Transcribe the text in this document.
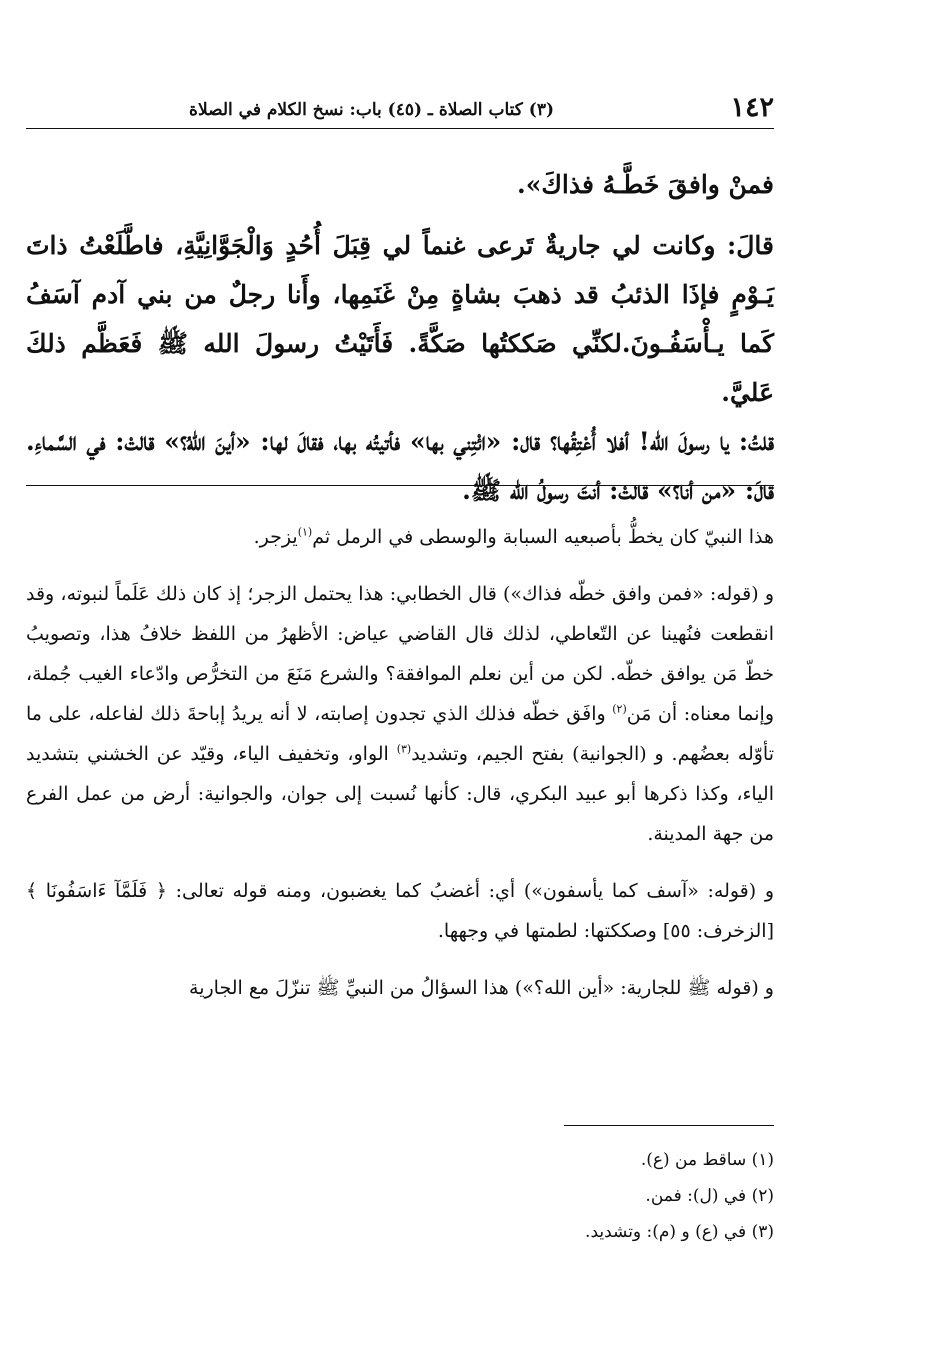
١٤٢
(٣) كتاب الصلاة ـ (٤٥) باب: نسخ الكلام في الصلاة

فمنْ وافقَ خَطَّـهُ فذاكَ».

قالَ: وكانت لي جاريةٌ تَرعى غنماً لي قِبَلَ أُحُدٍ وَالْجَوَّانِيَّةِ، فاطَّلَعْتُ ذاتَ يَـوْمٍ فإذَا الذئبُ قد ذهبَ بشاةٍ مِنْ غَنَمِها، وأَنا رجلٌ من بني آدم آسَفُ كَما يـأْسَفُـونَ.لكنِّي صَككتُها صَكَّةً. فَأَتَيْتُ رسولَ الله ﷺ فَعَظَّم ذلكَ عَليَّ.

قلتُ: يا رسولَ الله! أفلا أُعْتِقُها؟ قال: «ائْتِني بها» فأتيتُه بها، فقالَ لها: «أينَ اللهُ؟» قالتْ: في السَّماءِ. قالَ: «من أنا؟» قالتْ: أنتَ رسولُ الله ﷺ.

هذا النبيّ كان يخطُّ بأصبعيه السبابة والوسطى في الرمل ثم$^{(١)}$يزجر.

و (قوله: «فمن وافق خطّه فذاك») قال الخطابي: هذا يحتمل الزجر؛ إذ كان ذلك عَلَماً لنبوته، وقد انقطعت فنُهينا عن التّعاطي، لذلك قال القاضي عياض: الأظهرُ من اللفظ خلافُ هذا، وتصويبُ خطّ مَن يوافق خطّه. لكن من أين نعلم الموافقة؟ والشرع مَنَعَ من التخرُّص وادّعاء الغيب جُملة، وإنما معناه: أن مَن$^{(٢)}$ وافَق خطّه فذلك الذي تجدون إصابته، لا أنه يريدُ إباحةَ ذلك لفاعله، على ما تأوّله بعضُهم. و (الجوانية) بفتح الجيم، وتشديد$^{(٣)}$ الواو، وتخفيف الياء، وقيّد عن الخشني بتشديد الياء، وكذا ذكرها أبو عبيد البكري، قال: كأنها نُسبت إلى جوان، والجوانية: أرض من عمل الفرع من جهة المدينة.

و (قوله: «آسف كما يأسفون») أي: أغضبُ كما يغضبون، ومنه قوله تعالى: ﴿ فَلَمَّآ ءَاسَفُونَا ﴾ [الزخرف: ٥٥] وصككتها: لطمتها في وجهها.

و (قوله ﷺ للجارية: «أين الله؟») هذا السؤالُ من النبيِّ ﷺ تنزّلَ مع الجارية

(١) ساقط من (ع).
(٢) في (ل): فمن.
(٣) في (ع) و (م): وتشديد.
